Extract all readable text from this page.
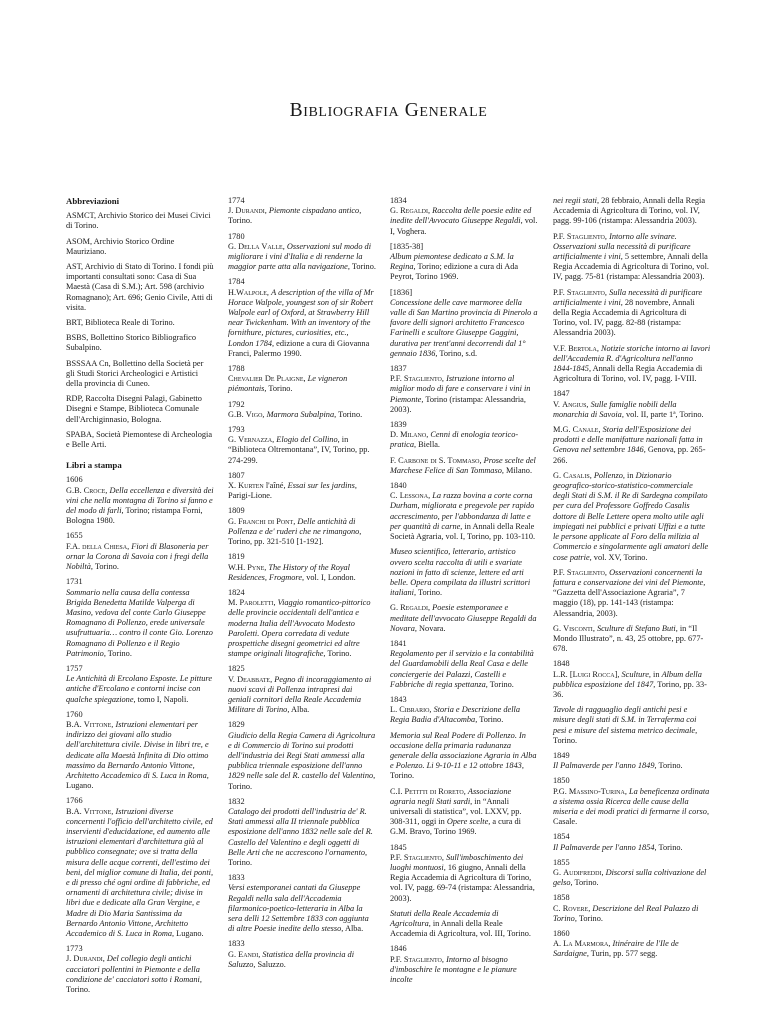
Bibliografia Generale

Abbreviazioni

ASMCT, Archivio Storico dei Musei Civici di Torino.

ASOM, Archivio Storico Ordine Mauriziano.

AST, Archivio di Stato di Torino. I fondi più importanti consultati sono: Casa di Sua Maestà (Casa di S.M.); Art. 598 (archivio Romagnano); Art. 696; Genio Civile, Atti di visita.

BRT, Biblioteca Reale di Torino.

BSBS, Bollettino Storico Bibliografico Subalpino.

BSSSAA Cn, Bollettino della Società per gli Studi Storici Archeologici e Artistici della provincia di Cuneo.

RDP, Raccolta Disegni Palagi, Gabinetto Disegni e Stampe, Biblioteca Comunale dell'Archiginnasio, Bologna.

SPABA, Società Piemontese di Archeologia e Belle Arti.

Libri a stampa

1606
G.B. Croce, Della eccellenza e diversità dei vini che nella montagna di Torino si fanno e del modo di farli, Torino; ristampa Forni, Bologna 1980.

1655
F.A. della Chiesa, Fiori di Blasoneria per ornar la Corona di Savoia con i fregi della Nobiltà, Torino.

1731
Sommario nella causa della contessa Brigida Benedetta Matilde Valperga di Masino, vedova del conte Carlo Giuseppe Romagnano di Pollenzo, erede universale usufruttuaria… contro il conte Gio. Lorenzo Romagnano di Pollenzo e il Regio Patrimonio, Torino.

1757
Le Antichità di Ercolano Esposte. Le pitture antiche d'Ercolano e contorni incise con qualche spiegazione, tomo I, Napoli.

1760
B.A. Vittone, Istruzioni elementari per indirizzo dei giovani allo studio dell'architettura civile. Divise in libri tre, e dedicate alla Maestà Infinita di Dio ottimo massimo da Bernardo Antonio Vittone, Architetto Accademico di S. Luca in Roma, Lugano.

1766
B.A. Vittone, Istruzioni diverse concernenti l'officio dell'architetto civile, ed inservienti d'educidazione, ed aumento alle istruzioni elementari d'architettura già al pubblico consegnate; ove si tratta della misura delle acque correnti, dell'estimo dei beni, del miglior comune di Italia, dei ponti, e di presso ché ogni ordine di fabbriche, ed ornamenti di architettura civile; divise in libri due e dedicate alla Gran Vergine, e Madre di Dio Maria Santissima da Bernardo Antonio Vittone, Architetto Accademico di S. Luca in Roma, Lugano.

1773
J. Durandi, Del collegio degli antichi cacciatori pollentini in Piemonte e della condizione de' cacciatori sotto i Romani, Torino.

1774
J. Durandi, Piemonte cispadano antico, Torino.

1780
G. Della Valle, Osservazioni sul modo di migliorare i vini d'Italia e di renderne la maggior parte atta alla navigazione, Torino.

1784
H.Walpole, A description of the villa of Mr Horace Walpole, youngest son of sir Robert Walpole earl of Oxford, at Strawberry Hill near Twickenham. With an inventory of the fornithure, pictures, curiosities, etc., London 1784, edizione a cura di Giovanna Franci, Palermo 1990.

1788
Chevalier De Plaigne, Le vigneron piémontais, Torino.

1792
G.B. Vigo, Marmora Subalpina, Torino.

1793
G. Vernazza, Elogio del Collino, in “Biblioteca Oltremontana”, IV, Torino, pp. 274-299.

1807
X. Kurten l'aîné, Essai sur les jardins, Parigi-Lione.

1809
G. Franchi di Pont, Delle antichità di Pollenza e de' ruderi che ne rimangono, Torino, pp. 321-510 [1-192].

1819
W.H. Pyne, The History of the Royal Residences, Frogmore, vol. I, London.

1824
M. Paroletti, Viaggio romantico-pittorico delle provincie occidentali dell'antica e moderna Italia dell'Avvocato Modesto Paroletti. Opera corredata di vedute prospettiche disegni geometrici ed altre stampe originali litografiche, Torino.

1825
V. Deabbate, Pegno di incoraggiamento ai nuovi scavi di Pollenza intrapresi dai geniali cornitori della Reale Accademia Militare di Torino, Alba.

1829
Giudicio della Regia Camera di Agricoltura e di Commercio di Torino sui prodotti dell'industria dei Regi Stati ammessi alla pubblica triennale esposizione dell'anno 1829 nelle sale del R. castello del Valentino, Torino.

1832
Catalogo dei prodotti dell'industria de' R. Stati ammessi alla II triennale pubblica esposizione dell'anno 1832 nelle sale del R. Castello del Valentino e degli oggetti di Belle Arti che ne accrescono l'ornamento, Torino.

1833
Versi estemporanei cantati da Giuseppe Regaldi nella sala dell'Accademia filarmonico-poetico-letteraria in Alba la sera delli 12 Settembre 1833 con aggiunta di altre Poesie inedite dello stesso, Alba.

1833
G. Eandi, Statistica della provincia di Saluzzo, Saluzzo.

1834
G. Regaldi, Raccolta delle poesie edite ed inedite dell'Avvocato Giuseppe Regaldi, vol. I, Voghera.

[1835-38]
Album piemontese dedicato a S.M. la Regina, Torino; edizione a cura di Ada Peyrot, Torino 1969.

[1836]
Concessione delle cave marmoree della valle di San Martino provincia di Pinerolo a favore delli signori architetto Francesco Farinelli e scultore Giuseppe Gaggini, durativa per trent'anni decorrendi dal 1° gennaio 1836, Torino, s.d.

1837
P.F. Stagliento, Istruzione intorno al miglior modo di fare e conservare i vini in Piemonte, Torino (ristampa: Alessandria, 2003).

1839
D. Milano, Cenni di enologia teorico-pratica, Biella.

F. Carbone di S. Tommaso, Prose scelte del Marchese Felice di San Tommaso, Milano.

1840
C. Lessona, La razza bovina a corte corna Durham, migliorata e pregevole per rapido accrescimento, per l'abbondanza di latte e per quantità di carne, in Annali della Reale Società Agraria, vol. I, Torino, pp. 103-110.

Museo scientifico, letterario, artistico ovvero scelta raccolta di utili e svariate nozioni in fatto di scienze, lettere ed arti belle. Opera compilata da illustri scrittori italiani, Torino.

G. Regaldi, Poesie estemporanee e meditate dell'avvocato Giuseppe Regaldi da Novara, Novara.

1841
Regolamento per il servizio e la contabilità del Guardamobili della Real Casa e delle conciergerie dei Palazzi, Castelli e Fabbriche di regia spettanza, Torino.

1843
L. Cibrario, Storia e Descrizione della Regia Badia d'Altacomba, Torino.

Memoria sul Real Podere di Pollenzo. In occasione della primaria radunanza generale della associazione Agraria in Alba e Polenzo. Li 9-10-11 e 12 ottobre 1843, Torino.

C.I. Petitti di Roreto, Associazione agraria negli Stati sardi, in “Annali universali di statistica”, vol. LXXV, pp. 308-311, oggi in Opere scelte, a cura di G.M. Bravo, Torino 1969.

1845
P.F. Stagliento, Sull'imboschimento dei luoghi montuosi, 16 giugno, Annali della Regia Accademia di Agricoltura di Torino, vol. IV, pagg. 69-74 (ristampa: Alessandria, 2003).

Statuti della Reale Accademia di Agricoltura, in Annali della Reale Accademia di Agricoltura, vol. III, Torino.

1846
P.F. Stagliento, Intorno al bisogno d'imboschire le montagne e le pianure incolte

nei regii stati, 28 febbraio, Annali della Regia Accademia di Agricoltura di Torino, vol. IV, pagg. 99-106 (ristampa: Alessandria 2003).

P.F. Stagliento, Intorno alle svinare. Osservazioni sulla necessità di purificare artificialmente i vini, 5 settembre, Annali della Regia Accademia di Agricoltura di Torino, vol. IV, pagg. 75-81 (ristampa: Alessandria 2003).

P.F. Stagliento, Sulla necessità di purificare artificialmente i vini, 28 novembre, Annali della Regia Accademia di Agricoltura di Torino, vol. IV, pagg. 82-88 (ristampa: Alessandria 2003).

V.F. Bertola, Notizie storiche intorno ai lavori dell'Accademia R. d'Agricoltura nell'anno 1844-1845, Annali della Regia Accademia di Agricoltura di Torino, vol. IV, pagg. I-VIII.

1847
V. Angius, Sulle famiglie nobili della monarchia di Savoia, vol. II, parte 1ª, Torino.

M.G. Canale, Storia dell'Esposizione dei prodotti e delle manifatture nazionali fatta in Genova nel settembre 1846, Genova, pp. 265-266.

G. Casalis, Pollenzo, in Dizionario geografico-storico-statistico-commerciale degli Stati di S.M. il Re di Sardegna compilato per cura del Professore Goffredo Casalis dottore di Belle Lettere opera molto utile agli impiegati nei pubblici e privati Uffizi e a tutte le persone applicate al Foro della milizia al Commercio e singolarmente agli amatori delle cose patrie, vol. XV, Torino.

P.F. Stagliento, Osservazioni concernenti la fattura e conservazione dei vini del Piemonte, “Gazzetta dell'Associazione Agraria”, 7 maggio (18), pp. 141-143 (ristampa: Alessandria, 2003).

G. Visconti, Sculture di Stefano Buti, in “Il Mondo Illustrato”, n. 43, 25 ottobre, pp. 677-678.

1848
L.R. [Luigi Rocca], Sculture, in Album della pubblica esposizione del 1847, Torino, pp. 33-36.

Tavole di ragguaglio degli antichi pesi e misure degli stati di S.M. in Terraferma coi pesi e misure del sistema metrico decimale, Torino.

1849
Il Palmaverde per l'anno 1849, Torino.

1850
P.G. Massino-Turina, La beneficenza ordinata a sistema ossia Ricerca delle cause della miseria e dei modi pratici di fermarne il corso, Casale.

1854
Il Palmaverde per l'anno 1854, Torino.

1855
G. Audifreddi, Discorsi sulla coltivazione del gelso, Torino.

1858
C. Rovere, Descrizione del Real Palazzo di Torino, Torino.

1860
A. La Marmora, Itinéraire de l'Ile de Sardaigne, Turin, pp. 577 segg.
